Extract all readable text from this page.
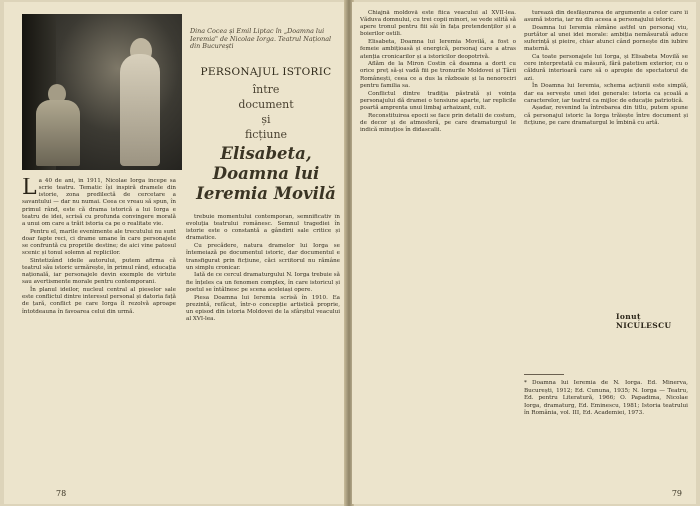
Dina Cocea și Emil Liptac în „Doamna lui Ieremia" de Nicolae Iorga. Teatrul Național din București
PERSONAJUL ISTORIC
între
document
și
ficțiune
Elisabeta,
Doamna lui
Ieremia Movilă

La 40 de ani, în 1911, Nicolae Iorga începe sa scrie teatru. Tematic își inspiră dramele din istorie, zona predilectă de cercetare a savantului — dar nu numai. Ceea ce vreau să spun, în primul rând, este că drama istorică a lui Iorga e teatru de idei, scrisă cu profunda convingere morală a unui om care a trăit istoria ca pe o realitate vie.

Pentru el, marile evenimente ale trecutului nu sunt doar fapte reci, ci drame umane în care personajele se confruntă cu propriile destine; de aici vine patosul scenic și tonul solemn al replicilor.

Sintetizând ideile autorului, putem afirma că teatrul său istoric urmărește, în primul rând, educația națională, iar personajele devin exemple de virtute sau avertismente morale pentru contemporani.

În planul ideilor, nucleul central al pieselor sale este conflictul dintre interesul personal și datoria față de țară, conflict pe care Iorga îl rezolvă aproape întotdeauna în favoarea celui din urmă.

trebuie momentului contemporan, semnificativ în evoluția teatrului românesc. Semnul tragediei în istorie este o constantă a gândirii sale critice și dramatice.

Cu precădere, natura dramelor lui Iorga se întemeiază pe documentul istoric, dar documentul e transfigurat prin ficțiune, căci scriitorul nu rămâne un simplu cronicar.

Iată de ce cercul dramaturgului N. Iorga trebuie să fie înțeles ca un fenomen complex, în care istoricul și poetul se întâlnesc pe scena aceleiași opere.

Piesa Doamna lui Ieremia scrisă în 1910. Ea prezintă, refăcut, într-o concepție artistică proprie, un episod din istoria Moldovei de la sfârșitul veacului al XVI-lea.

78

Chiajnă moldovă este fiica veacului al XVII-lea. Văduva domnului, cu trei copii minori, se vede silită să apere tronul pentru fiii săi în fața pretendenților și a boierilor ostili.

Elisabeta, Doamna lui Ieremia Movilă, a fost o femeie ambițioasă și energică, personaj care a atras atenția cronicarilor și a istoricilor deopotrivă.

Aflăm de la Miron Costin că doamna a dorit cu orice preț să-și vadă fiii pe tronurile Moldovei și Țării Românești, ceea ce a dus la războaie și la nenorociri pentru familia sa.

Conflictul dintre tradiția păstrată și voința personajului dă dramei o tensiune aparte, iar replicile poartă amprenta unui limbaj arhaizant, cult.

Reconstituirea epocii se face prin detalii de costum, de decor și de atmosferă, pe care dramaturgul le indică minuțios în didascalii.

turează din desfășurarea de argumente a celor care îi asumă istoria, iar nu din aceea a personajului istoric.

Doamna lui Ieremia rămâne astfel un personaj viu, purtător al unei idei morale: ambiția nemăsurată aduce suferință și pieire, chiar atunci când pornește din iubire maternă.

Ca toate personajele lui Iorga, și Elisabeta Movilă se cere interpretată cu măsură, fără patetism exterior, cu o căldură interioară care să o apropie de spectatorul de azi.

În Doamna lui Ieremia, schema acțiunii este simplă, dar ea servește unei idei generale: istoria ca școală a caracterelor, iar teatrul ca mijloc de educație patriotică.

Așadar, revenind la întrebarea din titlu, putem spune că personajul istoric la Iorga trăiește între document și ficțiune, pe care dramaturgul le îmbină cu artă.

Ionuț NICULESCU
* Doamna lui Ieremia de N. Iorga. Ed. Minerva, București, 1912; Ed. Cununa, 1935; N. Iorga — Teatru, Ed. pentru Literatură, 1966; O. Papadima, Nicolae Iorga, dramaturg, Ed. Eminescu, 1981; Istoria teatrului în România, vol. III, Ed. Academiei, 1973.
79
